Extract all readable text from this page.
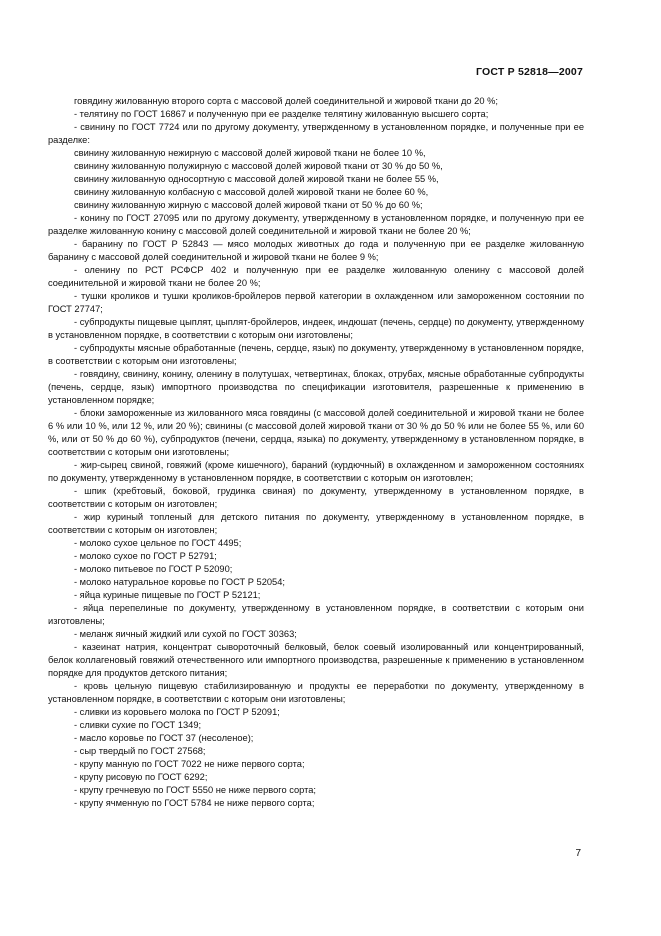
ГОСТ Р 52818—2007

говядину жилованную второго сорта с массовой долей соединительной и жировой ткани до 20 %;

- телятину по ГОСТ 16867 и полученную при ее разделке телятину жилованную высшего сорта;

- свинину по ГОСТ 7724 или по другому документу, утвержденному в установленном порядке, и полученные при ее разделке:

свинину жилованную нежирную с массовой долей жировой ткани не более 10 %,

свинину жилованную полужирную с массовой долей жировой ткани от 30 % до 50 %,

свинину жилованную односортную с массовой долей жировой ткани не более 55 %,

свинину жилованную колбасную с массовой долей жировой ткани не более 60 %,

свинину жилованную жирную с массовой долей жировой ткани от 50 % до 60 %;

- конину по ГОСТ 27095 или по другому документу, утвержденному в установленном порядке, и полученную при ее разделке жилованную конину с массовой долей соединительной и жировой ткани не более 20 %;

- баранину по ГОСТ Р 52843 — мясо молодых животных до года и полученную при ее разделке жилованную баранину с массовой долей соединительной и жировой ткани не более 9 %;

- оленину по РСТ РСФСР 402 и полученную при ее разделке жилованную оленину с массовой долей соединительной и жировой ткани не более 20 %;

- тушки кроликов и тушки кроликов-бройлеров первой категории в охлажденном или замороженном состоянии по ГОСТ 27747;

- субпродукты пищевые цыплят, цыплят-бройлеров, индеек, индюшат (печень, сердце) по документу, утвержденному в установленном порядке, в соответствии с которым они изготовлены;

- субпродукты мясные обработанные (печень, сердце, язык) по документу, утвержденному в установленном порядке, в соответствии с которым они изготовлены;

- говядину, свинину, конину, оленину в полутушах, четвертинах, блоках, отрубах, мясные обработанные субпродукты (печень, сердце, язык) импортного производства по спецификации изготовителя, разрешенные к применению в установленном порядке;

- блоки замороженные из жилованного мяса говядины (с массовой долей соединительной и жировой ткани не более 6 % или 10 %, или 12 %, или 20 %); свинины (с массовой долей жировой ткани от 30 % до 50 % или не более 55 %, или 60 %, или от 50 % до 60 %), субпродуктов (печени, сердца, языка) по документу, утвержденному в установленном порядке, в соответствии с которым они изготовлены;

- жир-сырец свиной, говяжий (кроме кишечного), бараний (курдючный) в охлажденном и замороженном состояниях по документу, утвержденному в установленном порядке, в соответствии с которым он изготовлен;

- шпик (хребтовый, боковой, грудинка свиная) по документу, утвержденному в установленном порядке, в соответствии с которым он изготовлен;

- жир куриный топленый для детского питания по документу, утвержденному в установленном порядке, в соответствии с которым он изготовлен;

- молоко сухое цельное по ГОСТ 4495;

- молоко сухое по ГОСТ Р 52791;

- молоко питьевое по ГОСТ Р 52090;

- молоко натуральное коровье по ГОСТ Р 52054;

- яйца куриные пищевые по ГОСТ Р 52121;

- яйца перепелиные по документу, утвержденному в установленном порядке, в соответствии с которым они изготовлены;

- меланж яичный жидкий или сухой по ГОСТ 30363;

- казеинат натрия, концентрат сывороточный белковый, белок соевый изолированный или концентрированный, белок коллагеновый говяжий отечественного или импортного производства, разрешенные к применению в установленном порядке для продуктов детского питания;

- кровь цельную пищевую стабилизированную и продукты ее переработки по документу, утвержденному в установленном порядке, в соответствии с которым они изготовлены;

- сливки из коровьего молока по ГОСТ Р 52091;

- сливки сухие по ГОСТ 1349;

- масло коровье по ГОСТ 37 (несоленое);

- сыр твердый по ГОСТ 27568;

- крупу манную по ГОСТ 7022 не ниже первого сорта;

- крупу рисовую по ГОСТ 6292;

- крупу гречневую по ГОСТ 5550 не ниже первого сорта;

- крупу ячменную по ГОСТ 5784 не ниже первого сорта;

7
